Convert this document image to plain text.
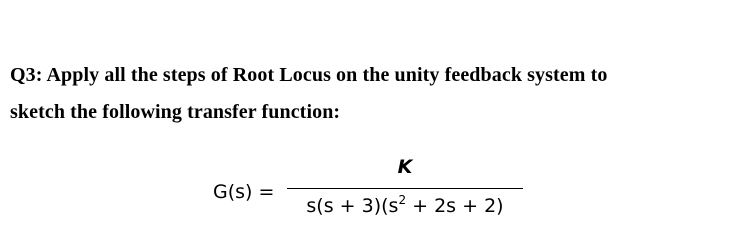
Q3: Apply all the steps of Root Locus on the unity feedback system to
sketch the following transfer function:
G(s) =
K
$s(s + 3)(s^2 + 2s + 2)$
